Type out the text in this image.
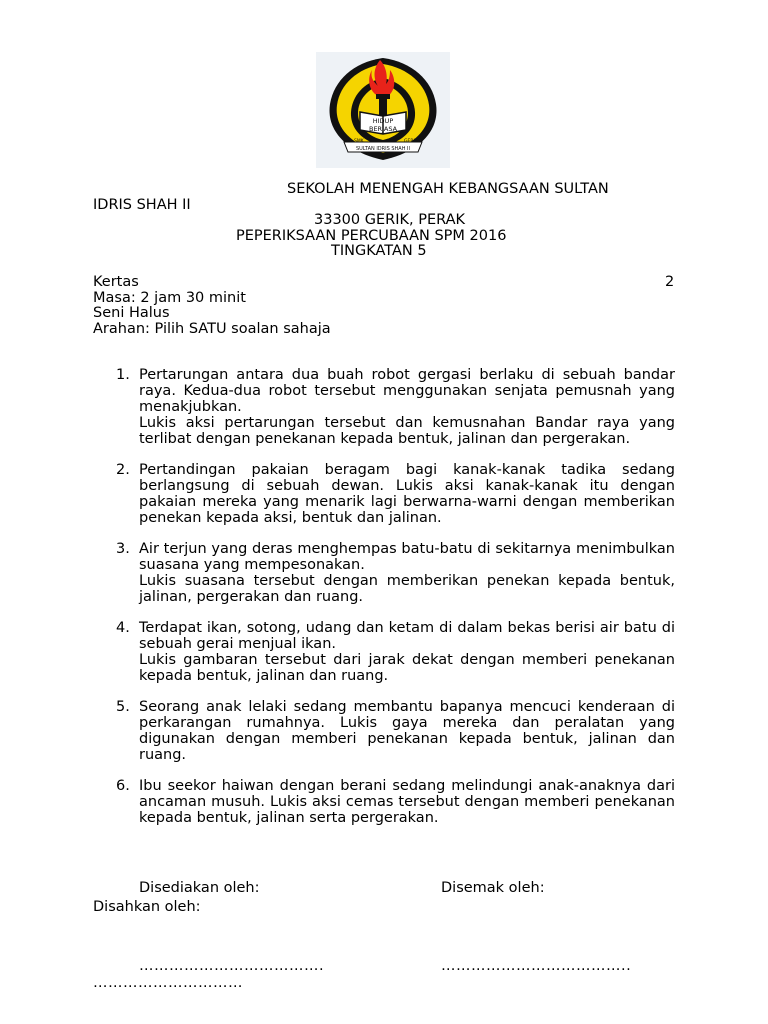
HIDUP
BERJASA
SULTAN IDRIS SHAH II
SMK	GERIK
SEKOLAH MENENGAH KEBANGSAAN SULTAN
IDRIS SHAH II
33300 GERIK, PERAK
PEPERIKSAAN PERCUBAAN SPM 2016
TINGKATAN 5
Kertas	2
Masa: 2 jam 30 minit
Seni Halus
Arahan: Pilih SATU soalan sahaja
1. Pertarungan antara dua buah robot gergasi berlaku di sebuah bandar raya. Kedua-dua robot tersebut menggunakan senjata pemusnah yang menakjubkan.
Lukis aksi pertarungan tersebut dan kemusnahan Bandar raya yang terlibat dengan penekanan kepada bentuk, jalinan dan pergerakan.
2. Pertandingan pakaian beragam bagi kanak-kanak tadika sedang berlangsung di sebuah dewan. Lukis aksi kanak-kanak itu dengan pakaian mereka yang menarik lagi berwarna-warni dengan memberikan penekan kepada aksi, bentuk dan jalinan.
3. Air terjun yang deras menghempas batu-batu di sekitarnya menimbulkan suasana yang mempesonakan.
Lukis suasana tersebut dengan memberikan penekan kepada bentuk, jalinan, pergerakan dan ruang.
4. Terdapat ikan, sotong, udang dan ketam di dalam bekas berisi air batu di sebuah gerai menjual ikan.
Lukis gambaran tersebut dari jarak dekat dengan memberi penekanan kepada bentuk, jalinan dan ruang.
5. Seorang anak lelaki sedang membantu bapanya mencuci kenderaan di perkarangan rumahnya. Lukis gaya mereka dan peralatan yang digunakan dengan memberi penekanan kepada bentuk, jalinan dan ruang.
6. Ibu seekor haiwan dengan berani sedang melindungi anak-anaknya dari ancaman musuh. Lukis aksi cemas tersebut dengan memberi penekanan kepada bentuk, jalinan serta pergerakan.
Disediakan oleh:	Disemak oleh:
Disahkan oleh:
……………………………….	………………………………..
…………………………
